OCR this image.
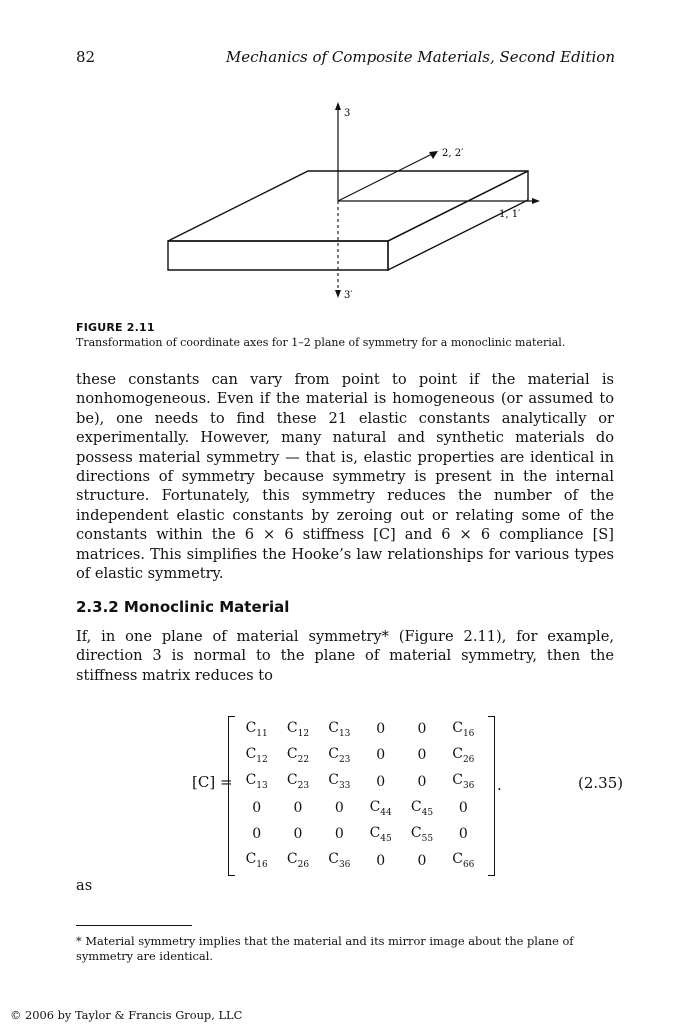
82	Mechanics of Composite Materials, Second Edition
3
2, 2′
1, 1′
3′
FIGURE 2.11
Transformation of coordinate axes for 1–2 plane of symmetry for a monoclinic material.
these constants can vary from point to point if the material is nonhomogeneous. Even if the material is homogeneous (or assumed to be), one needs to find these 21 elastic constants analytically or experimentally. However, many natural and synthetic materials do possess material symmetry — that is, elastic properties are identical in directions of symmetry because symmetry is present in the internal structure. Fortunately, this symmetry reduces the number of the independent elastic constants by zeroing out or relating some of the constants within the 6 × 6 stiffness [C] and 6 × 6 compliance [S] matrices. This simplifies the Hooke’s law relationships for various types of elastic symmetry.
2.3.2 Monoclinic Material
If, in one plane of material symmetry* (Figure 2.11), for example, direction 3 is normal to the plane of material symmetry, then the stiffness matrix reduces to
[C] =
$C_{11}$	$C_{12}$	$C_{13}$	0	0	$C_{16}$
$C_{12}$	$C_{22}$	$C_{23}$	0	0	$C_{26}$
$C_{13}$	$C_{23}$	$C_{33}$	0	0	$C_{36}$
0	0	0	$C_{44}$	$C_{45}$	0
0	0	0	$C_{45}$	$C_{55}$	0
$C_{16}$	$C_{26}$	$C_{36}$	0	0	$C_{66}$
.	(2.35)
as
* Material symmetry implies that the material and its mirror image about the plane of symmetry are identical.
© 2006 by Taylor & Francis Group, LLC
